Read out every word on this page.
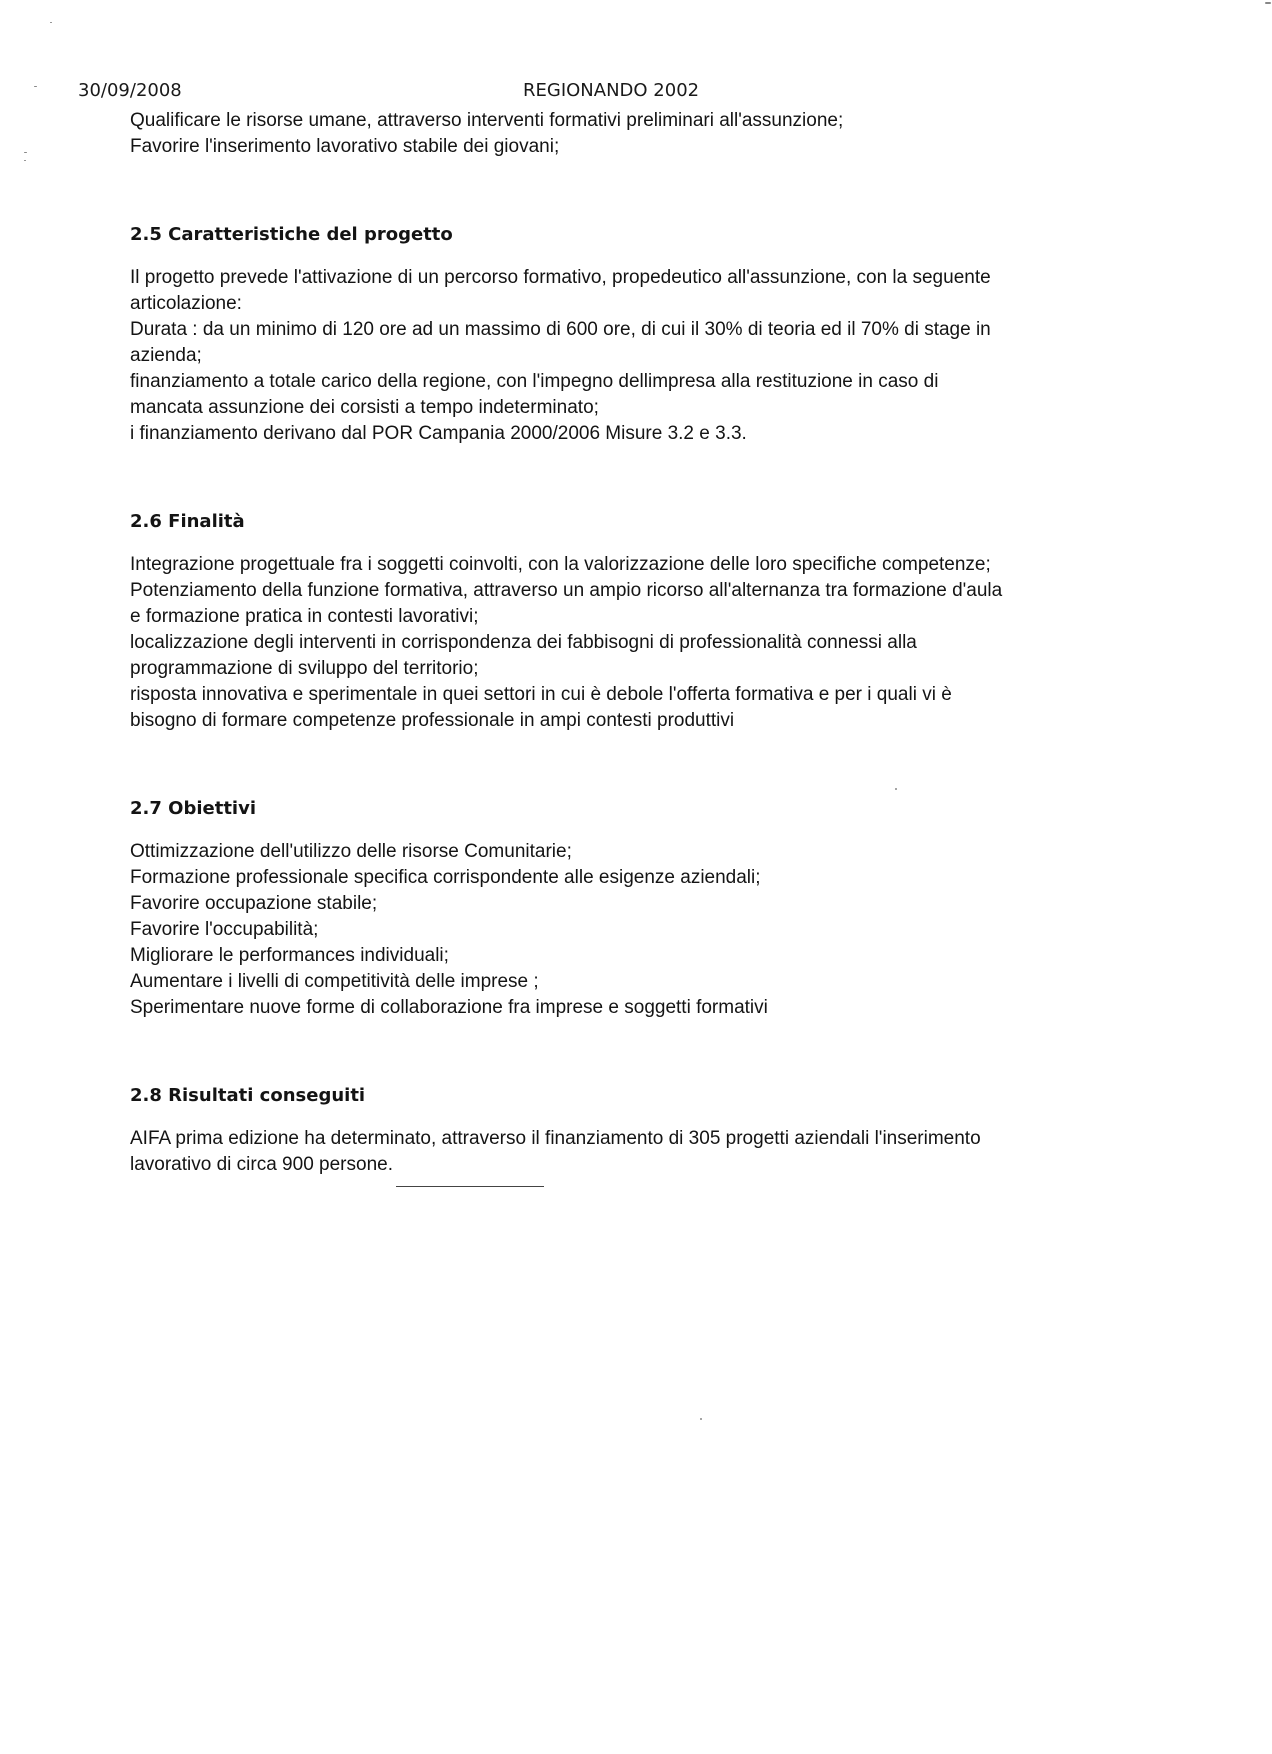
30/09/2008	REGIONANDO 2002
Qualificare le risorse umane, attraverso interventi formativi preliminari all'assunzione;
Favorire l'inserimento lavorativo stabile dei giovani;
2.5 Caratteristiche del progetto
Il progetto prevede l'attivazione di un percorso formativo, propedeutico all'assunzione, con la seguente
articolazione:
Durata : da un minimo di 120 ore ad un massimo di 600 ore, di cui il 30% di teoria ed il 70% di stage in
azienda;
finanziamento a totale carico della regione, con l'impegno dellimpresa alla restituzione in caso di
mancata assunzione dei corsisti a tempo indeterminato;
i finanziamento derivano dal POR Campania 2000/2006 Misure 3.2 e 3.3.
2.6 Finalità
Integrazione progettuale fra i soggetti coinvolti, con la valorizzazione delle loro specifiche competenze;
Potenziamento della funzione formativa, attraverso un ampio ricorso all'alternanza tra formazione d'aula
e formazione pratica in contesti lavorativi;
localizzazione degli interventi in corrispondenza dei fabbisogni di professionalità connessi alla
programmazione di sviluppo del territorio;
risposta innovativa e sperimentale in quei settori in cui è debole l'offerta formativa e per i quali vi è
bisogno di formare competenze professionale in ampi contesti produttivi
2.7 Obiettivi
Ottimizzazione dell'utilizzo delle risorse Comunitarie;
Formazione professionale specifica corrispondente alle esigenze aziendali;
Favorire occupazione stabile;
Favorire l'occupabilità;
Migliorare le performances individuali;
Aumentare i livelli di competitività delle imprese ;
Sperimentare nuove forme di collaborazione fra imprese e soggetti formativi
2.8 Risultati conseguiti
AIFA prima edizione ha determinato, attraverso il finanziamento di 305 progetti aziendali l'inserimento
lavorativo di circa 900 persone.
